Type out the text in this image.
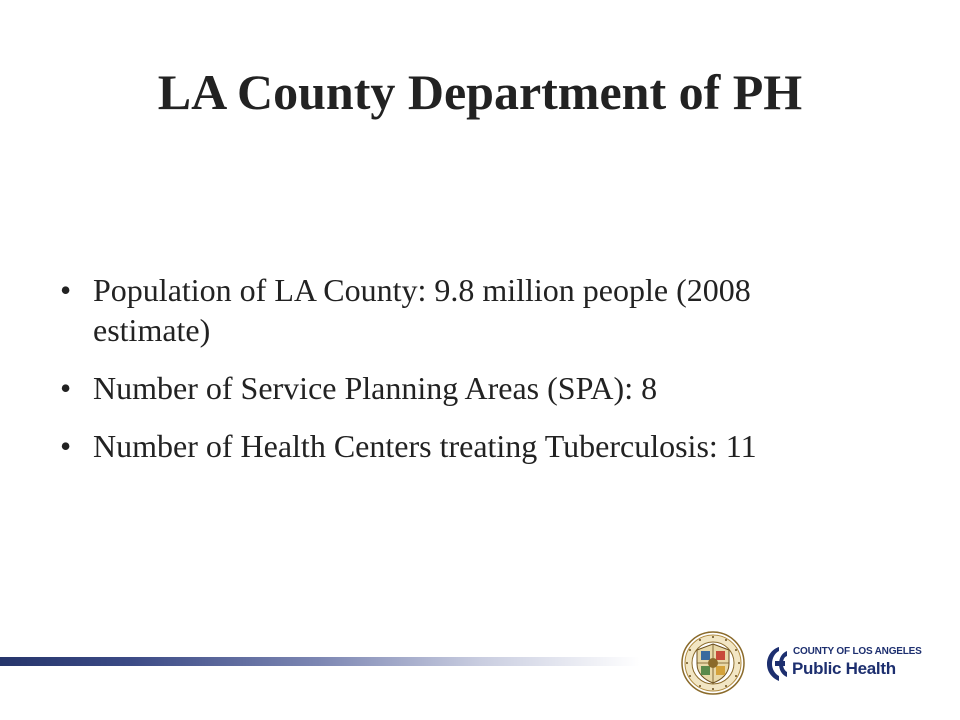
LA County Department of PH
• Population of LA County: 9.8 million people (2008 estimate)
• Number of Service Planning Areas (SPA): 8
• Number of Health Centers treating Tuberculosis: 11
COUNTY OF LOS ANGELES
Public Health
